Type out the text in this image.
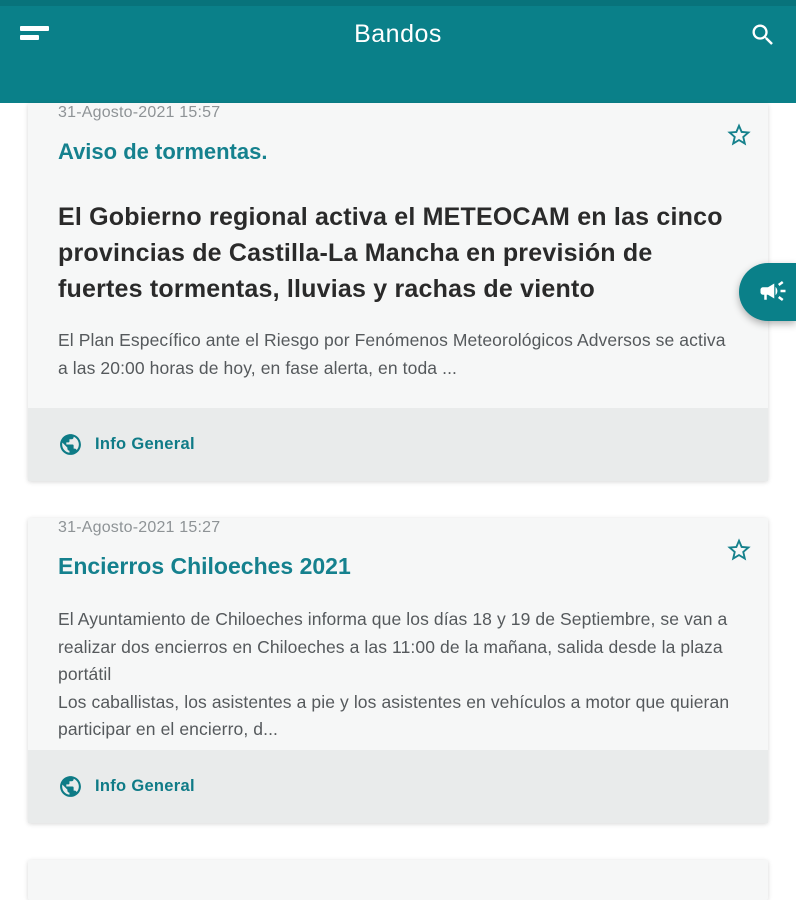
Bandos
31-Agosto-2021 15:57
Aviso de tormentas.
El Gobierno regional activa el METEOCAM en las cinco provincias de Castilla-La Mancha en previsión de fuertes tormentas, lluvias y rachas de viento

El Plan Específico ante el Riesgo por Fenómenos Meteorológicos Adversos se activa a las 20:00 horas de hoy, en fase alerta, en toda ...

Info General
31-Agosto-2021 15:27
Encierros Chiloeches 2021

El Ayuntamiento de Chiloeches informa que los días 18 y 19 de Septiembre, se van a realizar dos encierros en Chiloeches a las 11:00 de la mañana, salida desde la plaza portátil

Los caballistas, los asistentes a pie y los asistentes en vehículos a motor que quieran participar en el encierro, d...

Info General
